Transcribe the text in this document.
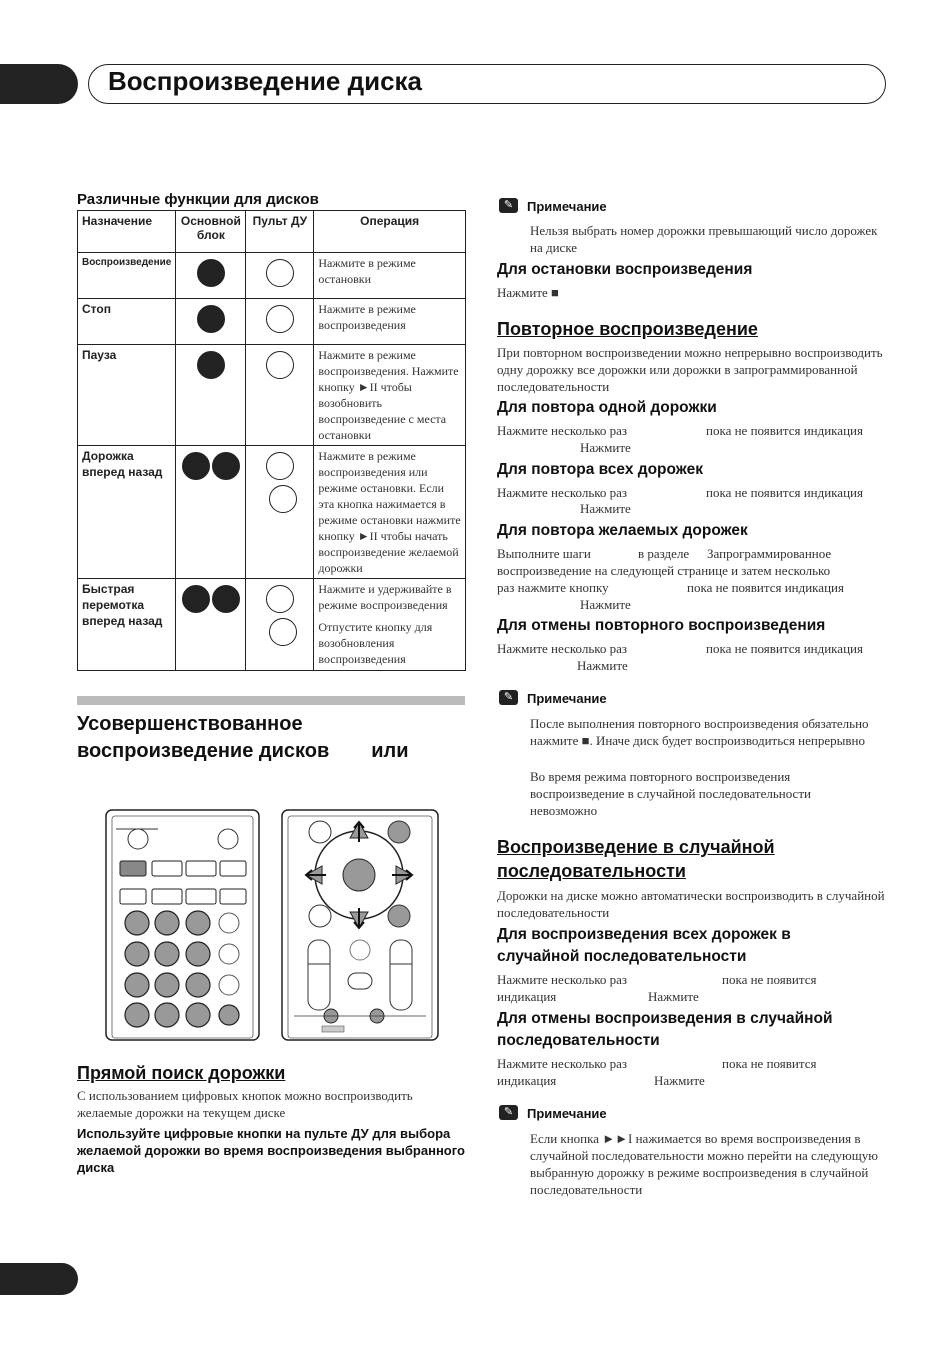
Воспроизведение диска
Различные функции для дисков
Назначение	Основной блок	Пульт ДУ	Операция
Воспроизведение			Нажмите в режиме остановки
Стоп			Нажмите в режиме воспроизведения
Пауза			Нажмите в режиме воспроизведения. Нажмите кнопку ►II чтобы возобновить воспроизведение с места остановки
Дорожка вперед назад			Нажмите в режиме воспроизведения или режиме остановки. Если эта кнопка нажимается в режиме остановки нажмите кнопку ►II чтобы начать воспроизведение желаемой дорожки
Быстрая перемотка вперед назад			Нажмите и удерживайте в режиме воспроизведения
Отпустите кнопку для возобновления воспроизведения
Усовершенствованное
воспроизведение дисков или
Прямой поиск дорожки
С использованием цифровых кнопок можно воспроизводить желаемые дорожки на текущем диске
Используйте цифровые кнопки на пульте ДУ для выбора желаемой дорожки во время воспроизведения выбранного диска
✎	Примечание
Нельзя выбрать номер дорожки превышающий число дорожек на диске
Для остановки воспроизведения
Нажмите ■
Повторное воспроизведение
При повторном воспроизведении можно непрерывно воспроизводить одну дорожку все дорожки или дорожки в запрограммированной последовательности
Для повтора одной дорожки
Нажмите несколько раз	пока не появится индикация
Нажмите
Для повтора всех дорожек
Нажмите несколько раз	пока не появится индикация
Нажмите
Для повтора желаемых дорожек
Выполните шаги	в разделе Запрограммированное
воспроизведение на следующей странице и затем несколько
раз нажмите кнопку	пока не появится индикация
Нажмите
Для отмены повторного воспроизведения
Нажмите несколько раз	пока не появится индикация
Нажмите
✎	Примечание
После выполнения повторного воспроизведения обязательно нажмите ■. Иначе диск будет воспроизводиться непрерывно
Во время режима повторного воспроизведения воспроизведение в случайной последовательности невозможно
Воспроизведение в случайной
последовательности
Дорожки на диске можно автоматически воспроизводить в случайной последовательности
Для воспроизведения всех дорожек в
случайной последовательности
Нажмите несколько раз	пока не появится
индикация	Нажмите
Для отмены воспроизведения в случайной
последовательности
Нажмите несколько раз	пока не появится
индикация	Нажмите
✎	Примечание
Если кнопка ►►I нажимается во время воспроизведения в случайной последовательности можно перейти на следующую выбранную дорожку в режиме воспроизведения в случайной последовательности
